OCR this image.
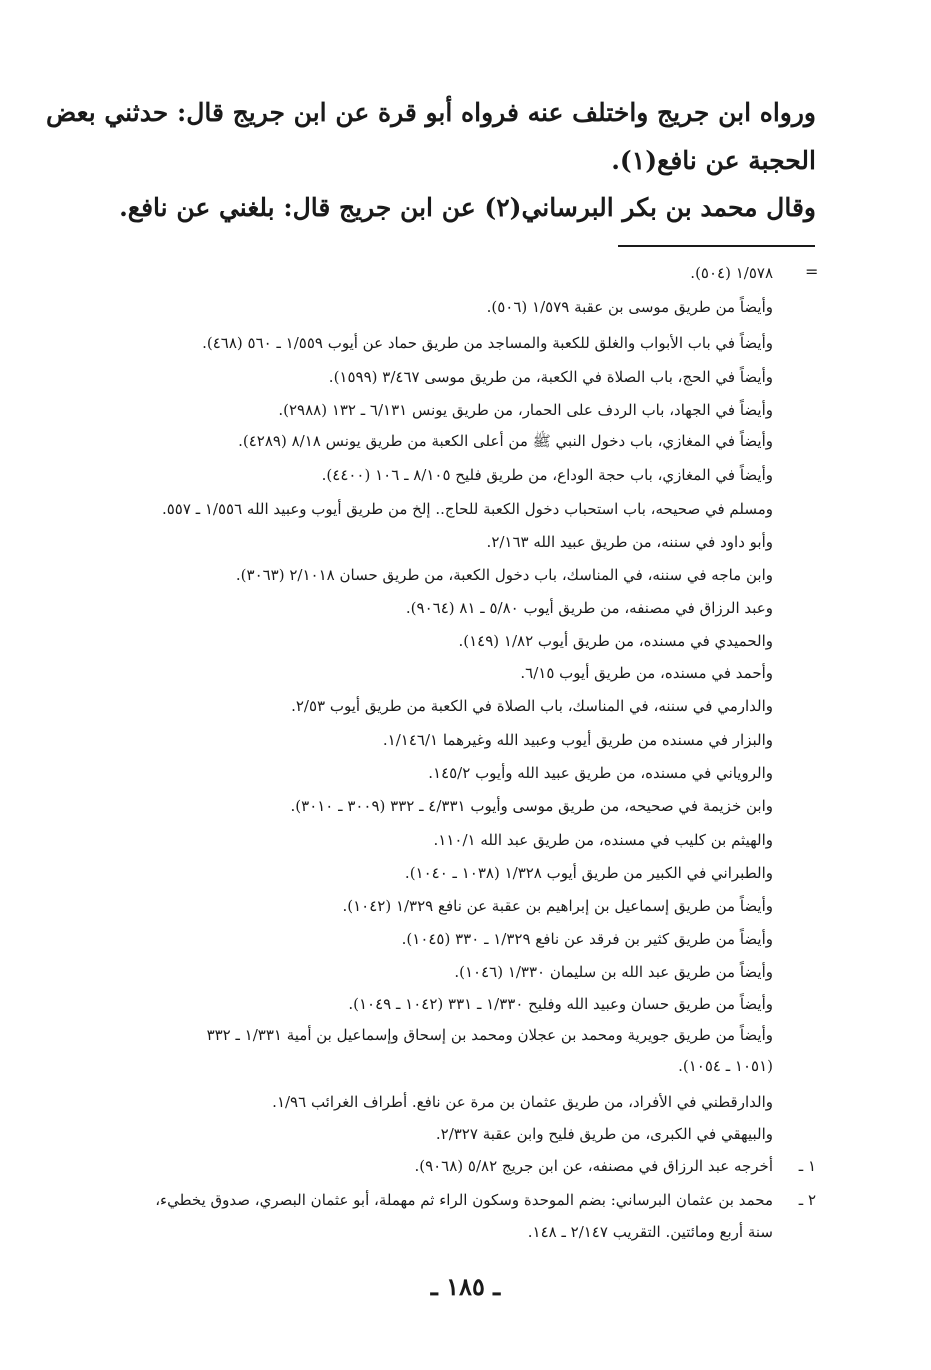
ورواه ابن جريج واختلف عنه فرواه أبو قرة عن ابن جريج قال: حدثني بعض
الحجبة عن نافع(١).
وقال محمد بن بكر البرساني(٢) عن ابن جريج قال: بلغني عن نافع.
=
١/٥٧٨ (٥٠٤).
وأيضاً من طريق موسى بن عقبة ١/٥٧٩ (٥٠٦).
وأيضاً في باب الأبواب والغلق للكعبة والمساجد من طريق حماد عن أيوب ١/٥٥٩ ـ ٥٦٠ (٤٦٨).
وأيضاً في الحج، باب الصلاة في الكعبة، من طريق موسى ٣/٤٦٧ (١٥٩٩).
وأيضاً في الجهاد، باب الردف على الحمار، من طريق يونس ٦/١٣١ ـ ١٣٢ (٢٩٨٨).
وأيضاً في المغازي، باب دخول النبي ﷺ من أعلى الكعبة من طريق يونس ٨/١٨ (٤٢٨٩).
وأيضاً في المغازي، باب حجة الوداع، من طريق فليح ٨/١٠٥ ـ ١٠٦ (٤٤٠٠).
ومسلم في صحيحه، باب استحباب دخول الكعبة للحاج.. إلخ من طريق أيوب وعبيد الله ١/٥٥٦ ـ ٥٥٧.
وأبو داود في سننه، من طريق عبيد الله ٢/١٦٣.
وابن ماجه في سننه، في المناسك، باب دخول الكعبة، من طريق حسان ٢/١٠١٨ (٣٠٦٣).
وعبد الرزاق في مصنفه، من طريق أيوب ٥/٨٠ ـ ٨١ (٩٠٦٤).
والحميدي في مسنده، من طريق أيوب ١/٨٢ (١٤٩).
وأحمد في مسنده، من طريق أيوب ٦/١٥.
والدارمي في سننه، في المناسك، باب الصلاة في الكعبة من طريق أيوب ٢/٥٣.
والبزار في مسنده من طريق أيوب وعبيد الله وغيرهما ١/١٤٦/١.
والروياني في مسنده، من طريق عبيد الله وأيوب ١٤٥/٢.
وابن خزيمة في صحيحه، من طريق موسى وأيوب ٤/٣٣١ ـ ٣٣٢ (٣٠٠٩ ـ ٣٠١٠).
والهيثم بن كليب في مسنده، من طريق عبد الله ١١٠/١.
والطبراني في الكبير من طريق أيوب ١/٣٢٨ (١٠٣٨ ـ ١٠٤٠).
وأيضاً من طريق إسماعيل بن إبراهيم بن عقبة عن نافع ١/٣٢٩ (١٠٤٢).
وأيضاً من طريق كثير بن فرقد عن نافع ١/٣٢٩ ـ ٣٣٠ (١٠٤٥).
وأيضاً من طريق عبد الله بن سليمان ١/٣٣٠ (١٠٤٦).
وأيضاً من طريق حسان وعبيد الله وفليح ١/٣٣٠ ـ ٣٣١ (١٠٤٢ ـ ١٠٤٩).
وأيضاً من طريق جويرية ومحمد بن عجلان ومحمد بن إسحاق وإسماعيل بن أمية ١/٣٣١ ـ ٣٣٢
(١٠٥١ ـ ١٠٥٤).
والدارقطني في الأفراد، من طريق عثمان بن مرة عن نافع. أطراف الغرائب ١/٩٦.
والبيهقي في الكبرى، من طريق فليح وابن عقبة ٢/٣٢٧.
١ ـ
أخرجه عبد الرزاق في مصنفه، عن ابن جريج ٥/٨٢ (٩٠٦٨).
٢ ـ
محمد بن عثمان البرساني: بضم الموحدة وسكون الراء ثم مهملة، أبو عثمان البصري، صدوق يخطيء،
سنة أربع ومائتين. التقريب ٢/١٤٧ ـ ١٤٨.
ـ ١٨٥ ـ
